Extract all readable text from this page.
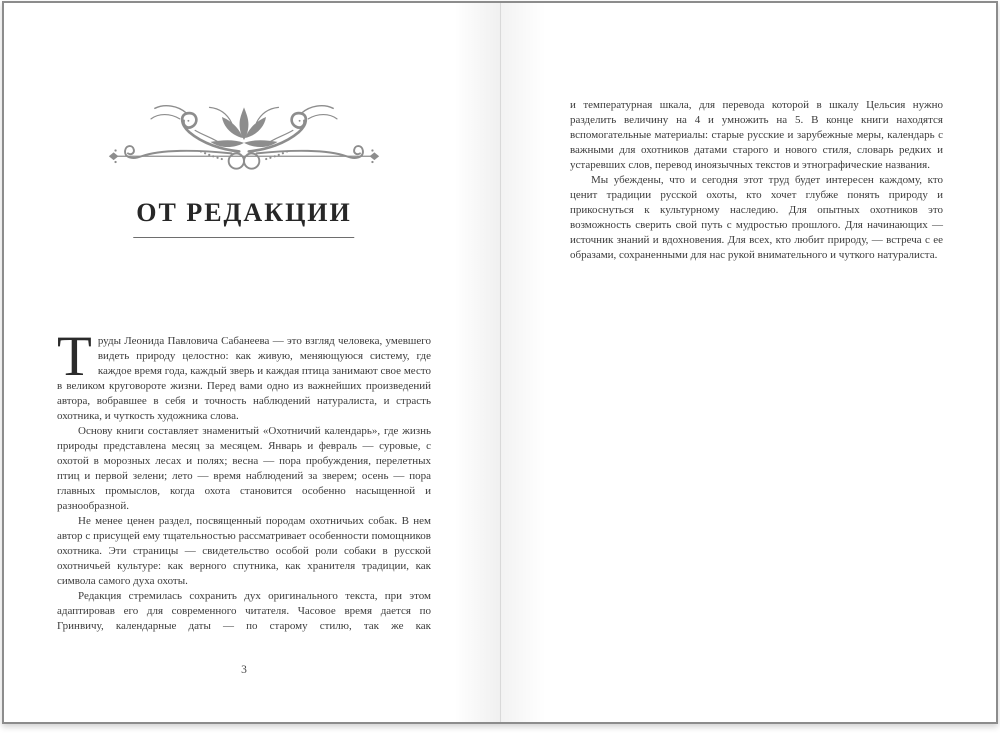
ОТ РЕДАКЦИИ

Труды Леонида Павловича Сабанеева — это взгляд человека, умевшего видеть природу целостно: как живую, меняющуюся систему, где каждое время года, каждый зверь и каждая птица занимают свое место в великом круговороте жизни. Перед вами одно из важнейших произведений автора, вобравшее в себя и точность наблюдений натуралиста, и страсть охотника, и чуткость художника слова.

Основу книги составляет знаменитый «Охотничий календарь», где жизнь природы представлена месяц за месяцем. Январь и февраль — суровые, с охотой в морозных лесах и полях; весна — пора пробуждения, перелетных птиц и первой зелени; лето — время наблюдений за зверем; осень — пора главных промыслов, когда охота становится особенно насыщенной и разнообразной.

Не менее ценен раздел, посвященный породам охотничьих собак. В нем автор с присущей ему тщательностью рассматривает особенности помощников охотника. Эти страницы — свидетельство особой роли собаки в русской охотничьей культуре: как верного спутника, как хранителя традиции, как символа самого духа охоты.

Редакция стремилась сохранить дух оригинального текста, при этом адаптировав его для современного читателя. Часовое время дается по Гринвичу, календарные даты — по старому стилю, так же как

3

и температурная шкала, для перевода которой в шкалу Цельсия нужно разделить величину на 4 и умножить на 5. В конце книги находятся вспомогательные материалы: старые русские и зарубежные меры, календарь с важными для охотников датами старого и нового стиля, словарь редких и устаревших слов, перевод иноязычных текстов и этнографические названия.

Мы убеждены, что и сегодня этот труд будет интересен каждому, кто ценит традиции русской охоты, кто хочет глубже понять природу и прикоснуться к культурному наследию. Для опытных охотников это возможность сверить свой путь с мудростью прошлого. Для начинающих — источник знаний и вдохновения. Для всех, кто любит природу, — встреча с ее образами, сохраненными для нас рукой внимательного и чуткого натуралиста.
